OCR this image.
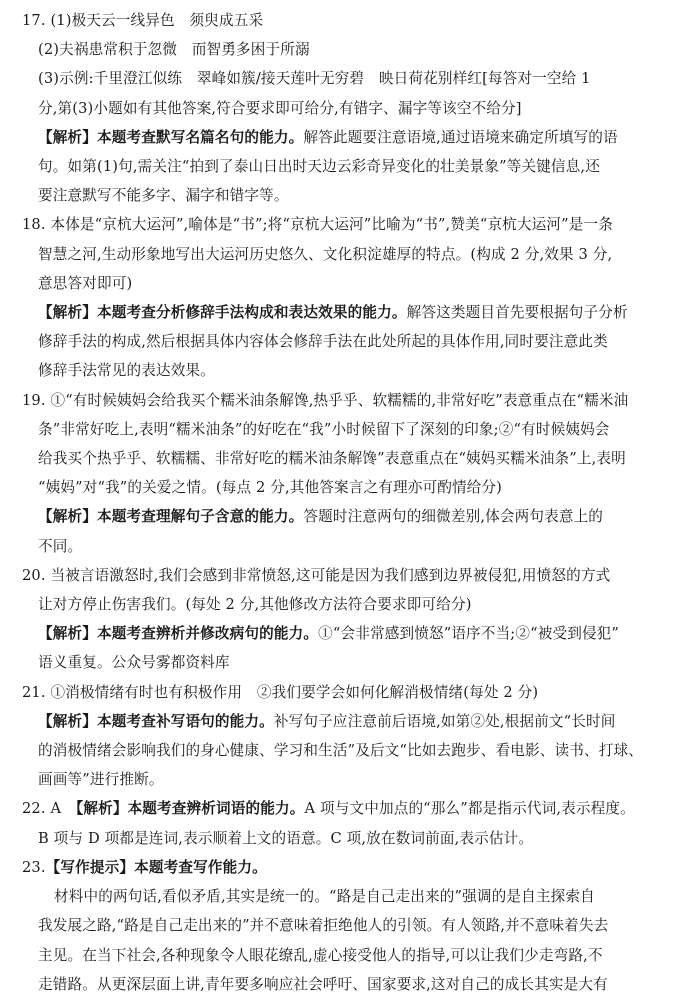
17. (1)极天云一线异色　须臾成五采
(2)夫祸患常积于忽微　而智勇多困于所溺
(3)示例:千里澄江似练　翠峰如簇/接天莲叶无穷碧　映日荷花别样红[每答对一空给 1
分,第(3)小题如有其他答案,符合要求即可给分,有错字、漏字等该空不给分]
【解析】本题考查默写名篇名句的能力。解答此题要注意语境,通过语境来确定所填写的语
句。如第(1)句,需关注“拍到了泰山日出时天边云彩奇异变化的壮美景象”等关键信息,还
要注意默写不能多字、漏字和错字等。
18. 本体是“京杭大运河”,喻体是“书”;将“京杭大运河”比喻为“书”,赞美“京杭大运河”是一条
智慧之河,生动形象地写出大运河历史悠久、文化积淀雄厚的特点。(构成 2 分,效果 3 分,
意思答对即可)
【解析】本题考查分析修辞手法构成和表达效果的能力。解答这类题目首先要根据句子分析
修辞手法的构成,然后根据具体内容体会修辞手法在此处所起的具体作用,同时要注意此类
修辞手法常见的表达效果。
19. ①“有时候姨妈会给我买个糯米油条解馋,热乎乎、软糯糯的,非常好吃”表意重点在“糯米油
条”非常好吃上,表明“糯米油条”的好吃在“我”小时候留下了深刻的印象;②“有时候姨妈会
给我买个热乎乎、软糯糯、非常好吃的糯米油条解馋”表意重点在“姨妈买糯米油条”上,表明
“姨妈”对“我”的关爱之情。(每点 2 分,其他答案言之有理亦可酌情给分)
【解析】本题考查理解句子含意的能力。答题时注意两句的细微差别,体会两句表意上的
不同。
20. 当被言语激怒时,我们会感到非常愤怒,这可能是因为我们感到边界被侵犯,用愤怒的方式
让对方停止伤害我们。(每处 2 分,其他修改方法符合要求即可给分)
【解析】本题考查辨析并修改病句的能力。①“会非常感到愤怒”语序不当;②“被受到侵犯”
语义重复。公众号雾都资料库
21. ①消极情绪有时也有积极作用　②我们要学会如何化解消极情绪(每处 2 分)
【解析】本题考查补写语句的能力。补写句子应注意前后语境,如第②处,根据前文“长时间
的消极情绪会影响我们的身心健康、学习和生活”及后文“比如去跑步、看电影、读书、打球、
画画等”进行推断。
22. A　【解析】本题考查辨析词语的能力。A 项与文中加点的“那么”都是指示代词,表示程度。
B 项与 D 项都是连词,表示顺着上文的语意。C 项,放在数词前面,表示估计。
23.【写作提示】本题考查写作能力。
材料中的两句话,看似矛盾,其实是统一的。“路是自己走出来的”强调的是自主探索自
我发展之路,“路是自己走出来的”并不意味着拒绝他人的引领。有人领路,并不意味着失去
主见。在当下社会,各种现象令人眼花缭乱,虚心接受他人的指导,可以让我们少走弯路,不
走错路。从更深层面上讲,青年要多响应社会呼吁、国家要求,这对自己的成长其实是大有
